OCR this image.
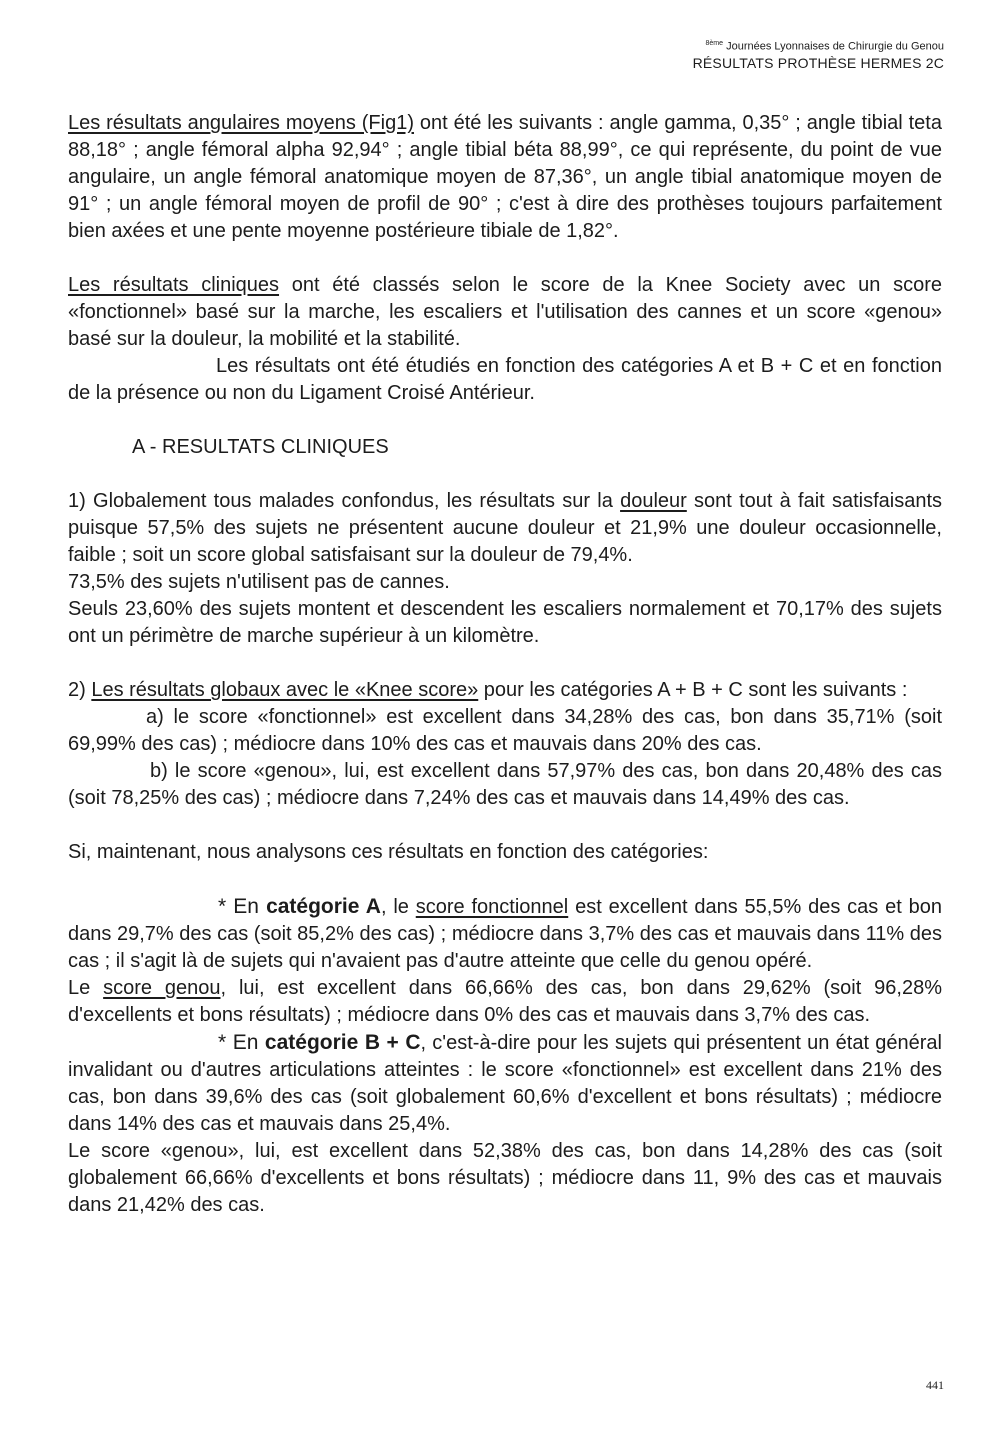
$^{8ème}$ Journées Lyonnaises de Chirurgie du Genou
RÉSULTATS PROTHÈSE HERMES 2C

Les résultats angulaires moyens (Fig1) ont été les suivants : angle gamma, 0,35° ; angle tibial teta 88,18° ; angle fémoral alpha 92,94° ; angle tibial béta 88,99°, ce qui représente, du point de vue angulaire, un angle fémoral anatomique moyen de 87,36°, un angle tibial anatomique moyen de 91° ; un angle fémoral moyen de profil de 90° ; c'est à dire des prothèses toujours parfaitement bien axées et une pente moyenne postérieure tibiale de 1,82°.

Les résultats cliniques ont été classés selon le score de la Knee Society avec un score «fonctionnel» basé sur la marche, les escaliers et l'utilisation des cannes et un score «genou» basé sur la douleur, la mobilité et la stabilité.

Les résultats ont été étudiés en fonction des catégories A et B + C et en fonction de la présence ou non du Ligament Croisé Antérieur.

A - RESULTATS CLINIQUES

1) Globalement tous malades confondus, les résultats sur la douleur sont tout à fait satisfaisants puisque 57,5% des sujets ne présentent aucune douleur et 21,9% une douleur occasionnelle, faible ; soit un score global satisfaisant sur la douleur de 79,4%.

73,5% des sujets n'utilisent pas de cannes.

Seuls 23,60% des sujets montent et descendent les escaliers normalement et 70,17% des sujets ont un périmètre de marche supérieur à un kilomètre.

2) Les résultats globaux avec le «Knee score» pour les catégories A + B + C sont les suivants :

a) le score «fonctionnel» est excellent dans 34,28% des cas, bon dans 35,71% (soit 69,99% des cas) ; médiocre dans 10% des cas et mauvais dans 20% des cas.

b) le score «genou», lui, est excellent dans 57,97% des cas, bon dans 20,48% des cas (soit 78,25% des cas) ; médiocre dans 7,24% des cas et mauvais dans 14,49% des cas.

Si, maintenant, nous analysons ces résultats en fonction des catégories:

* En catégorie A, le score fonctionnel est excellent dans 55,5% des cas et bon dans 29,7% des cas (soit 85,2% des cas) ; médiocre dans 3,7% des cas et mauvais dans 11% des cas ; il s'agit là de sujets qui n'avaient pas d'autre atteinte que celle du genou opéré.

Le score genou, lui, est excellent dans 66,66% des cas, bon dans 29,62% (soit 96,28% d'excellents et bons résultats) ; médiocre dans 0% des cas et mauvais dans 3,7% des cas.

* En catégorie B + C, c'est-à-dire pour les sujets qui présentent un état général invalidant ou d'autres articulations atteintes : le score «fonctionnel» est excellent dans 21% des cas, bon dans 39,6% des cas (soit globalement 60,6% d'excellent et bons résultats) ; médiocre dans 14% des cas et mauvais dans 25,4%.

Le score «genou», lui, est excellent dans 52,38% des cas, bon dans 14,28% des cas (soit globalement 66,66% d'excellents et bons résultats) ; médiocre dans 11, 9% des cas et mauvais dans 21,42% des cas.

441
